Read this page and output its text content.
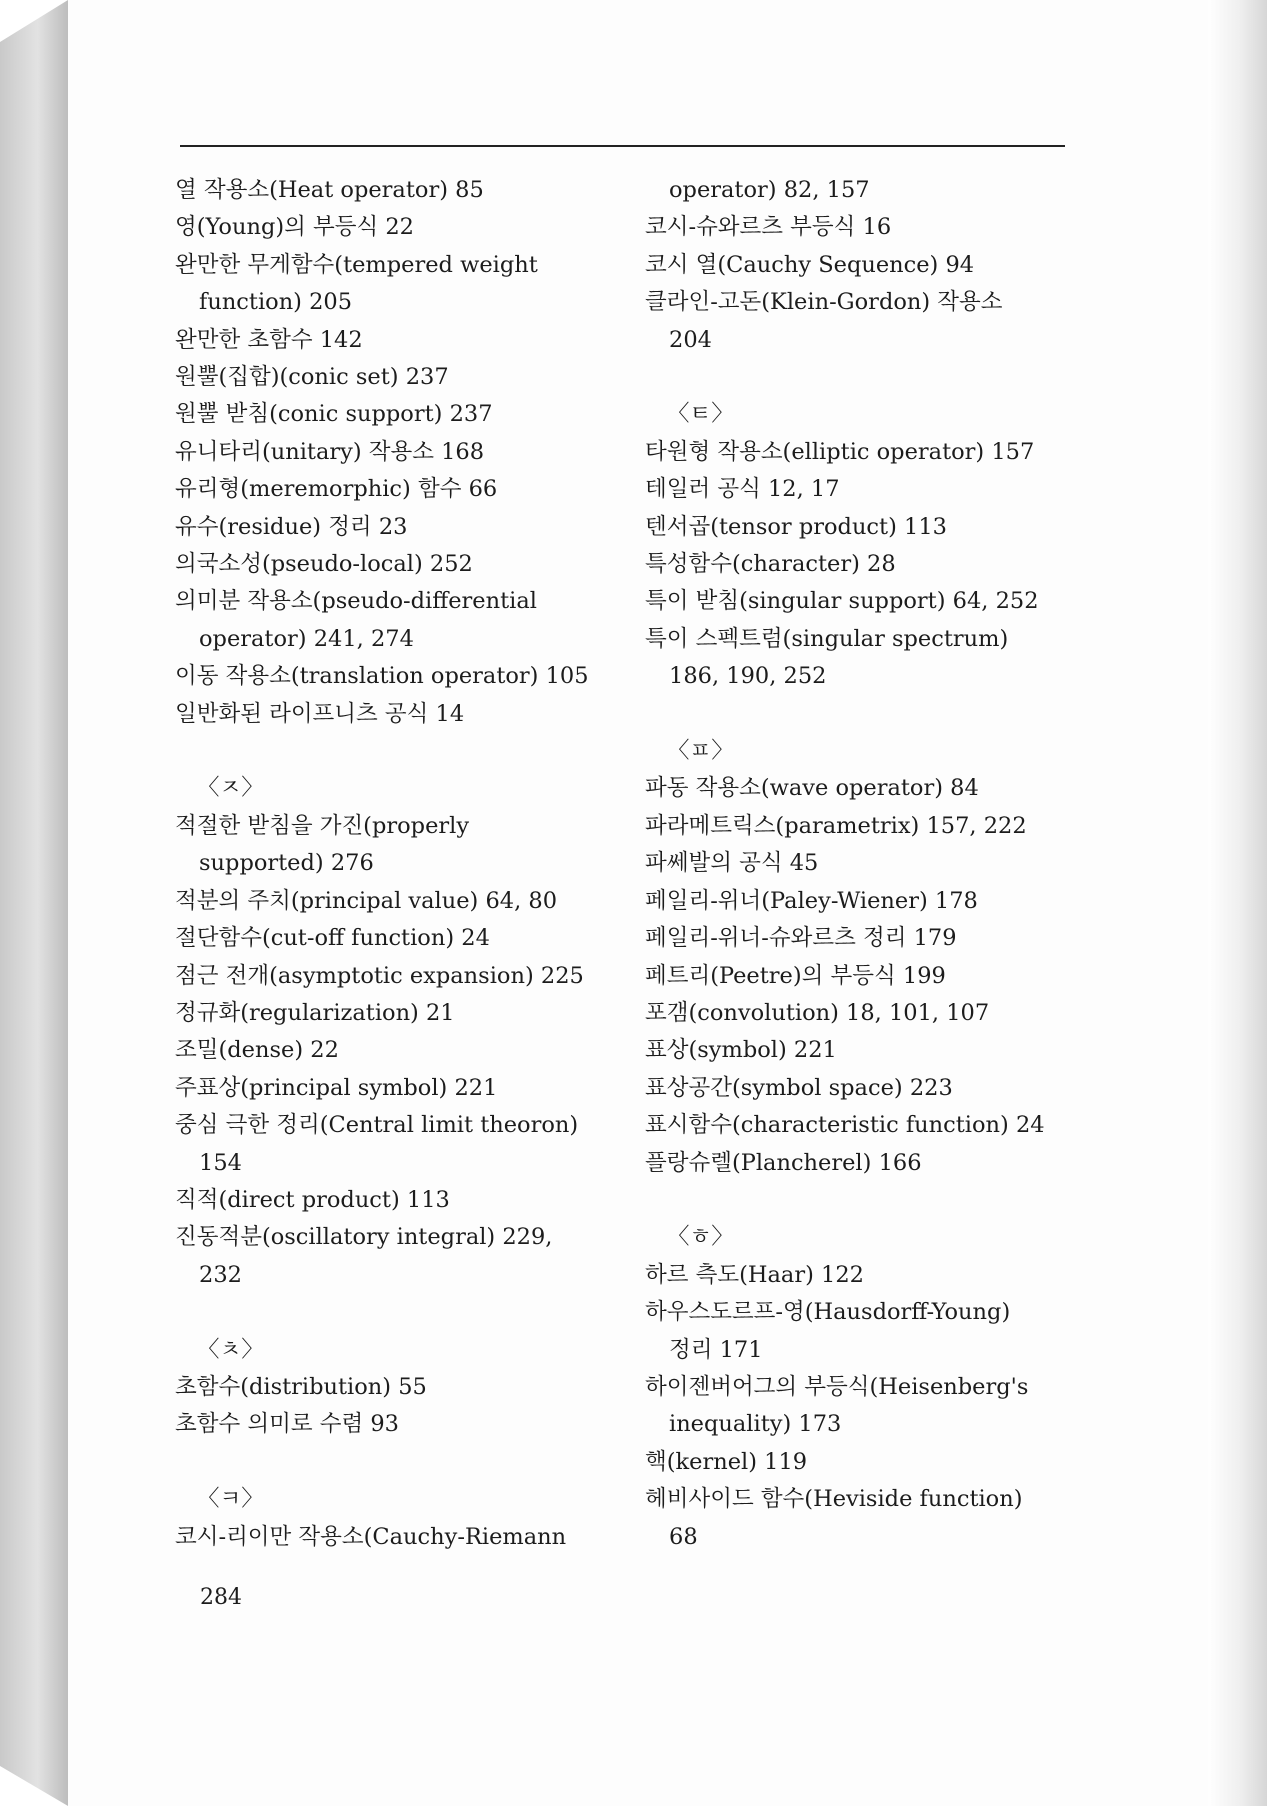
열 작용소(Heat operator) 85
영(Young)의 부등식 22
완만한 무게함수(tempered weight
function) 205
완만한 초함수 142
원뿔(집합)(conic set) 237
원뿔 받침(conic support) 237
유니타리(unitary) 작용소 168
유리형(meremorphic) 함수 66
유수(residue) 정리 23
의국소성(pseudo-local) 252
의미분 작용소(pseudo-differential
operator) 241, 274
이동 작용소(translation operator) 105
일반화된 라이프니츠 공식 14
〈ㅈ〉
적절한 받침을 가진(properly
supported) 276
적분의 주치(principal value) 64, 80
절단함수(cut-off function) 24
점근 전개(asymptotic expansion) 225
정규화(regularization) 21
조밀(dense) 22
주표상(principal symbol) 221
중심 극한 정리(Central limit theoron)
154
직적(direct product) 113
진동적분(oscillatory integral) 229,
232
〈ㅊ〉
초함수(distribution) 55
초함수 의미로 수렴 93
〈ㅋ〉
코시-리이만 작용소(Cauchy-Riemann
operator) 82, 157
코시-슈와르츠 부등식 16
코시 열(Cauchy Sequence) 94
클라인-고돈(Klein-Gordon) 작용소
204
〈ㅌ〉
타원형 작용소(elliptic operator) 157
테일러 공식 12, 17
텐서곱(tensor product) 113
특성함수(character) 28
특이 받침(singular support) 64, 252
특이 스펙트럼(singular spectrum)
186, 190, 252
〈ㅍ〉
파동 작용소(wave operator) 84
파라메트릭스(parametrix) 157, 222
파쎄발의 공식 45
페일리-위너(Paley-Wiener) 178
페일리-위너-슈와르츠 정리 179
페트리(Peetre)의 부등식 199
포갬(convolution) 18, 101, 107
표상(symbol) 221
표상공간(symbol space) 223
표시함수(characteristic function) 24
플랑슈렐(Plancherel) 166
〈ㅎ〉
하르 측도(Haar) 122
하우스도르프-영(Hausdorff-Young)
정리 171
하이젠버어그의 부등식(Heisenberg's
inequality) 173
핵(kernel) 119
헤비사이드 함수(Heviside function)
68
284
